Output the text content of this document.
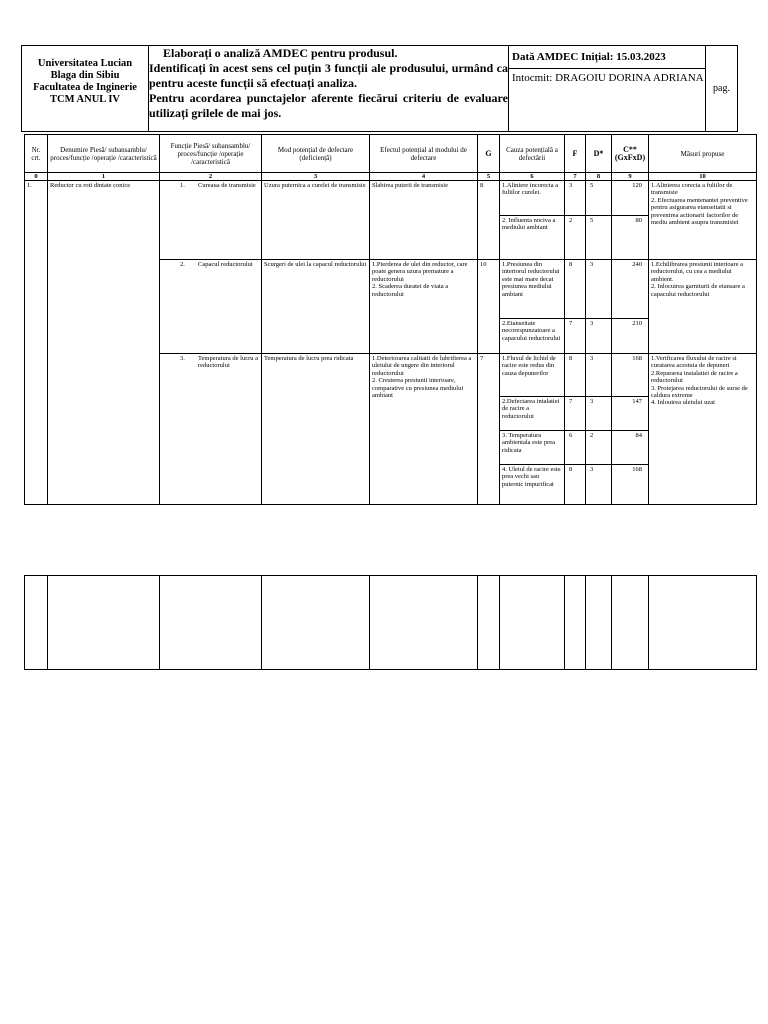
Universitatea Lucian
Blaga din Sibiu
Facultatea de Inginerie
TCM ANUL IV

Elaborați o analiză AMDEC pentru produsul.
Identificați în acest sens cel puțin 3 funcții ale produsului, urmând ca pentru aceste funcții să efectuați analiza.
Pentru acordarea punctajelor aferente fiecărui criteriu de evaluare utilizați grilele de mai jos.

Dată AMDEC Inițial: 15.03.2023
Intocmit: DRAGOIU DORINA ADRIANA
	pag.
Nr. crt.	Denumire Piesă/ subansamblu/ proces/funcție /operație /caracteristică	Funcție Piesă/ subansamblu/ proces/funcție /operație /caracteristică	Mod potențial de defectare (deficiență)	Efectul potențial al modului de defectare	G	Cauza potențială a defectării	F	D*	C** (GxFxD)	Măsuri propuse
0	1	2	3	4	5	6	7	8	9	10
1.	Reductor cu roti dintate conice	1. Cureaua de transmisie	Uzura puternica a curelei de transmisie	Slabirea puterii de transmisie	8	1.Aliniere incorecta a fuliilor curelei.	3	5	120	1.Alinierea corecta a fuliilor de transmisie
2. Efectuarea mentenantei preventive pentru asigurarea etanseitatii si prevenirea actionarii factorilor de mediu ambient asupra transmisiei
						2. Influenta nociva a mediului ambiant	2	5	80	

		2. Capacul reductorului	Scurgeri de ulei la capacul reductorului	1.Pierderea de ulei din reductor, care poate genera uzura premature a reductorului
2. Scaderea duratei de viata a reductorului	10	1.Presiunea din interiorul reductorului este mai mare decat presiunea mediului ambiant	8	3	240	1.Echilibrarea presiunii interioare a reductorului, cu cea a mediului ambient.
2. Inlocuirea garniturii de etansare a capacului reductorului
						2.Etanseitate necorespunzatoare a capacului reductorului	7	3	210	

		3. Temperatura de lucru a reductorului	Temperatura de lucru prea ridicata	1.Deteriorarea calitatii de lubrifierea a uleiului de ungere din interiorul reductorului
2. Cresterea presiunii interioare, comparative cu presiunea mediului ambiant	7	1.Fluxul de lichid de racire este redus din cauza depunerilor	8	3	168	1.Verificarea fluxului de racire si curatarea acestuia de depuneri
2.Repararea instalatiei de racire a reductorului
3. Protejarea reductorului de surse de caldura extreme
4. Inlouirea uleiului uzat
						2.Defectarea intalatiei de racire a reductorului	7	3	147	
						3. Temperatura ambientala este prea ridicata	6	2	84	
						4. Uleiul de racire este prea vechi sau puternic impurificat	8	3	168	
